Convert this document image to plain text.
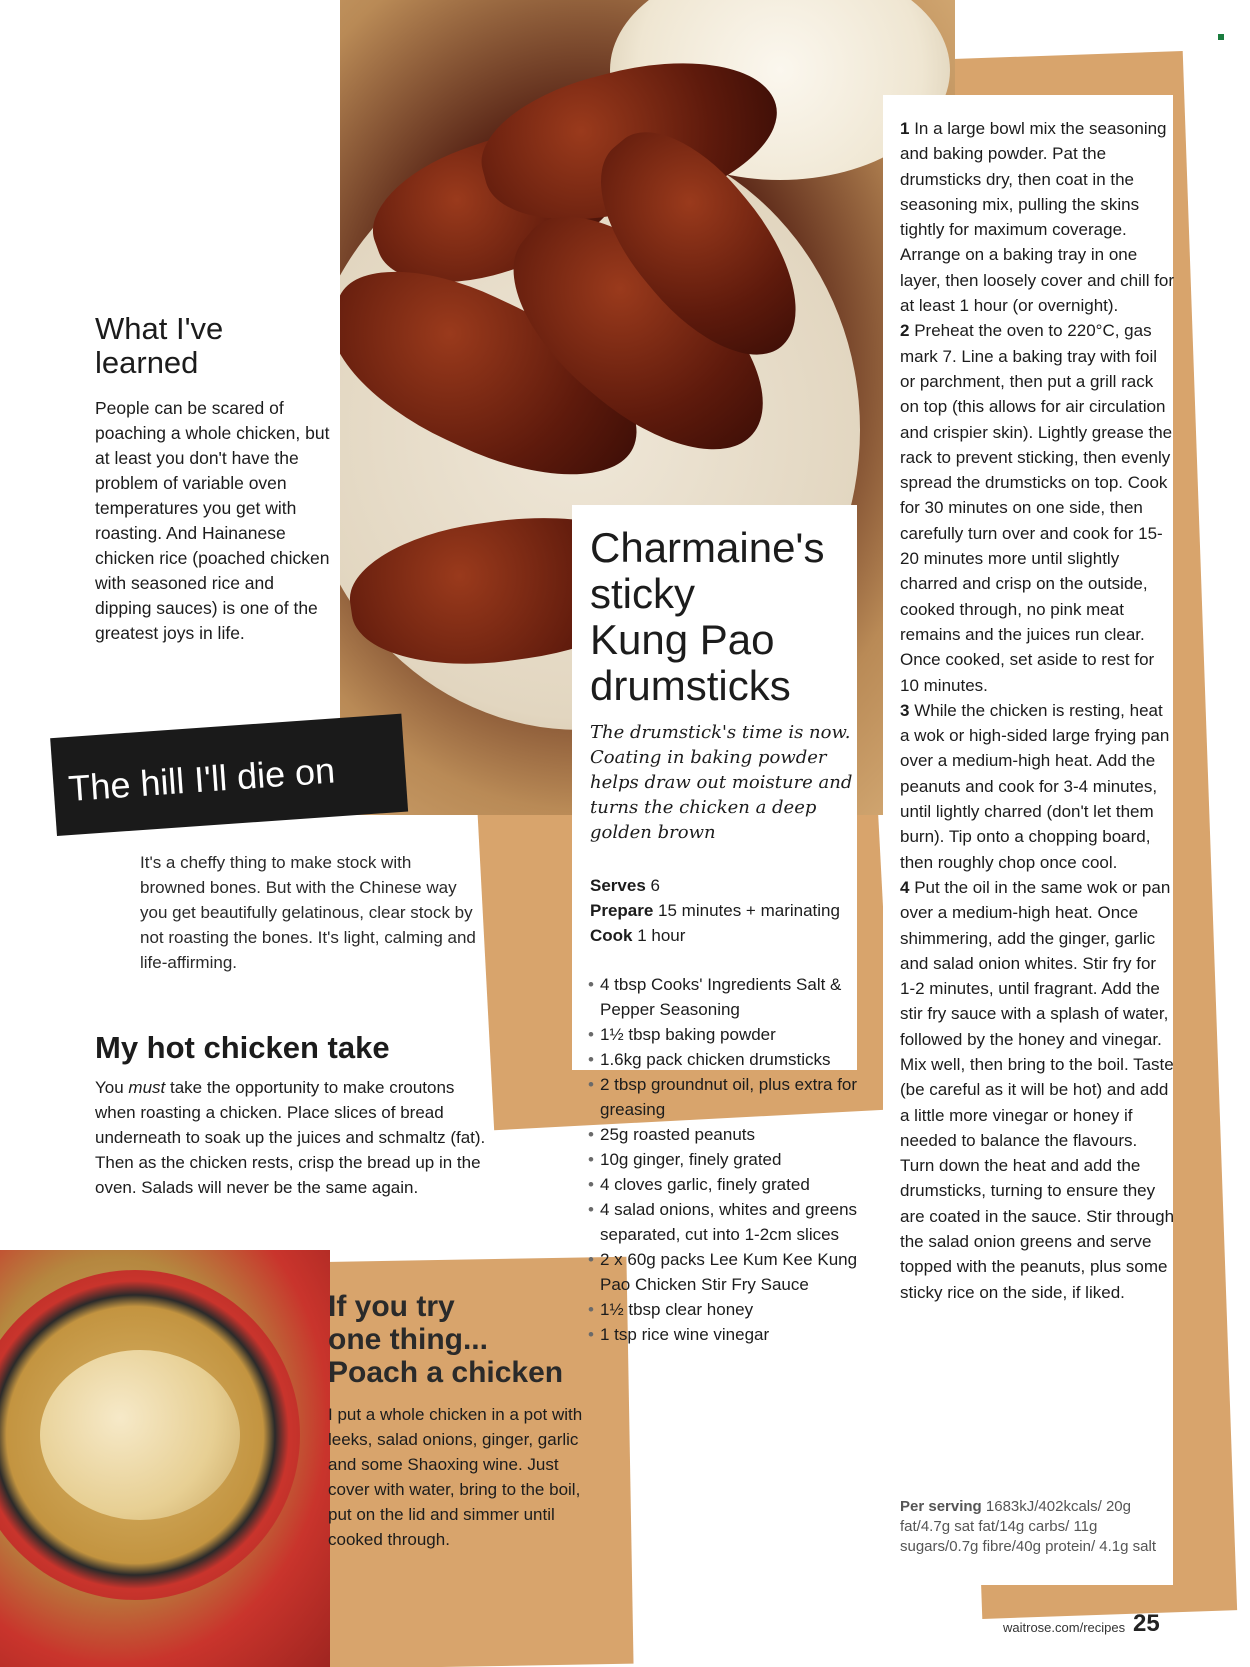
What I've
learned

People can be scared of poaching a whole chicken, but at least you don't have the problem of variable oven temperatures you get with roasting. And Hainanese chicken rice (poached chicken with seasoned rice and dipping sauces) is one of the greatest joys in life.

The hill I'll die on

It's a cheffy thing to make stock with browned bones. But with the Chinese way you get beautifully gelatinous, clear stock by not roasting the bones. It's light, calming and life-affirming.

My hot chicken take

You must take the opportunity to make croutons when roasting a chicken. Place slices of bread underneath to soak up the juices and schmaltz (fat). Then as the chicken rests, crisp the bread up in the oven. Salads will never be the same again.

If you try
one thing...
Poach a chicken

I put a whole chicken in a pot with leeks, salad onions, ginger, garlic and some Shaoxing wine. Just cover with water, bring to the boil, put on the lid and simmer until cooked through.

Charmaine's
sticky
Kung Pao
drumsticks

The drumstick's time is now. Coating in baking powder helps draw out moisture and turns the chicken a deep golden brown

Serves 6
Prepare 15 minutes + marinating
Cook 1 hour
• 4 tbsp Cooks' Ingredients Salt & Pepper Seasoning
• 1½ tbsp baking powder
• 1.6kg pack chicken drumsticks
• 2 tbsp groundnut oil, plus extra for greasing
• 25g roasted peanuts
• 10g ginger, finely grated
• 4 cloves garlic, finely grated
• 4 salad onions, whites and greens separated, cut into 1-2cm slices
• 2 x 60g packs Lee Kum Kee Kung Pao Chicken Stir Fry Sauce
• 1½ tbsp clear honey
• 1 tsp rice wine vinegar

1 In a large bowl mix the seasoning and baking powder. Pat the drumsticks dry, then coat in the seasoning mix, pulling the skins tightly for maximum coverage. Arrange on a baking tray in one layer, then loosely cover and chill for at least 1 hour (or overnight).

2 Preheat the oven to 220°C, gas mark 7. Line a baking tray with foil or parchment, then put a grill rack on top (this allows for air circulation and crispier skin). Lightly grease the rack to prevent sticking, then evenly spread the drumsticks on top. Cook for 30 minutes on one side, then carefully turn over and cook for 15-20 minutes more until slightly charred and crisp on the outside, cooked through, no pink meat remains and the juices run clear. Once cooked, set aside to rest for 10 minutes.

3 While the chicken is resting, heat a wok or high-sided large frying pan over a medium-high heat. Add the peanuts and cook for 3-4 minutes, until lightly charred (don't let them burn). Tip onto a chopping board, then roughly chop once cool.

4 Put the oil in the same wok or pan over a medium-high heat. Once shimmering, add the ginger, garlic and salad onion whites. Stir fry for 1-2 minutes, until fragrant. Add the stir fry sauce with a splash of water, followed by the honey and vinegar. Mix well, then bring to the boil. Taste (be careful as it will be hot) and add a little more vinegar or honey if needed to balance the flavours. Turn down the heat and add the drumsticks, turning to ensure they are coated in the sauce. Stir through the salad onion greens and serve topped with the peanuts, plus some sticky rice on the side, if liked.

Per serving 1683kJ/402kcals/ 20g fat/4.7g sat fat/14g carbs/ 11g sugars/0.7g fibre/40g protein/ 4.1g salt

waitrose.com/recipes 25
